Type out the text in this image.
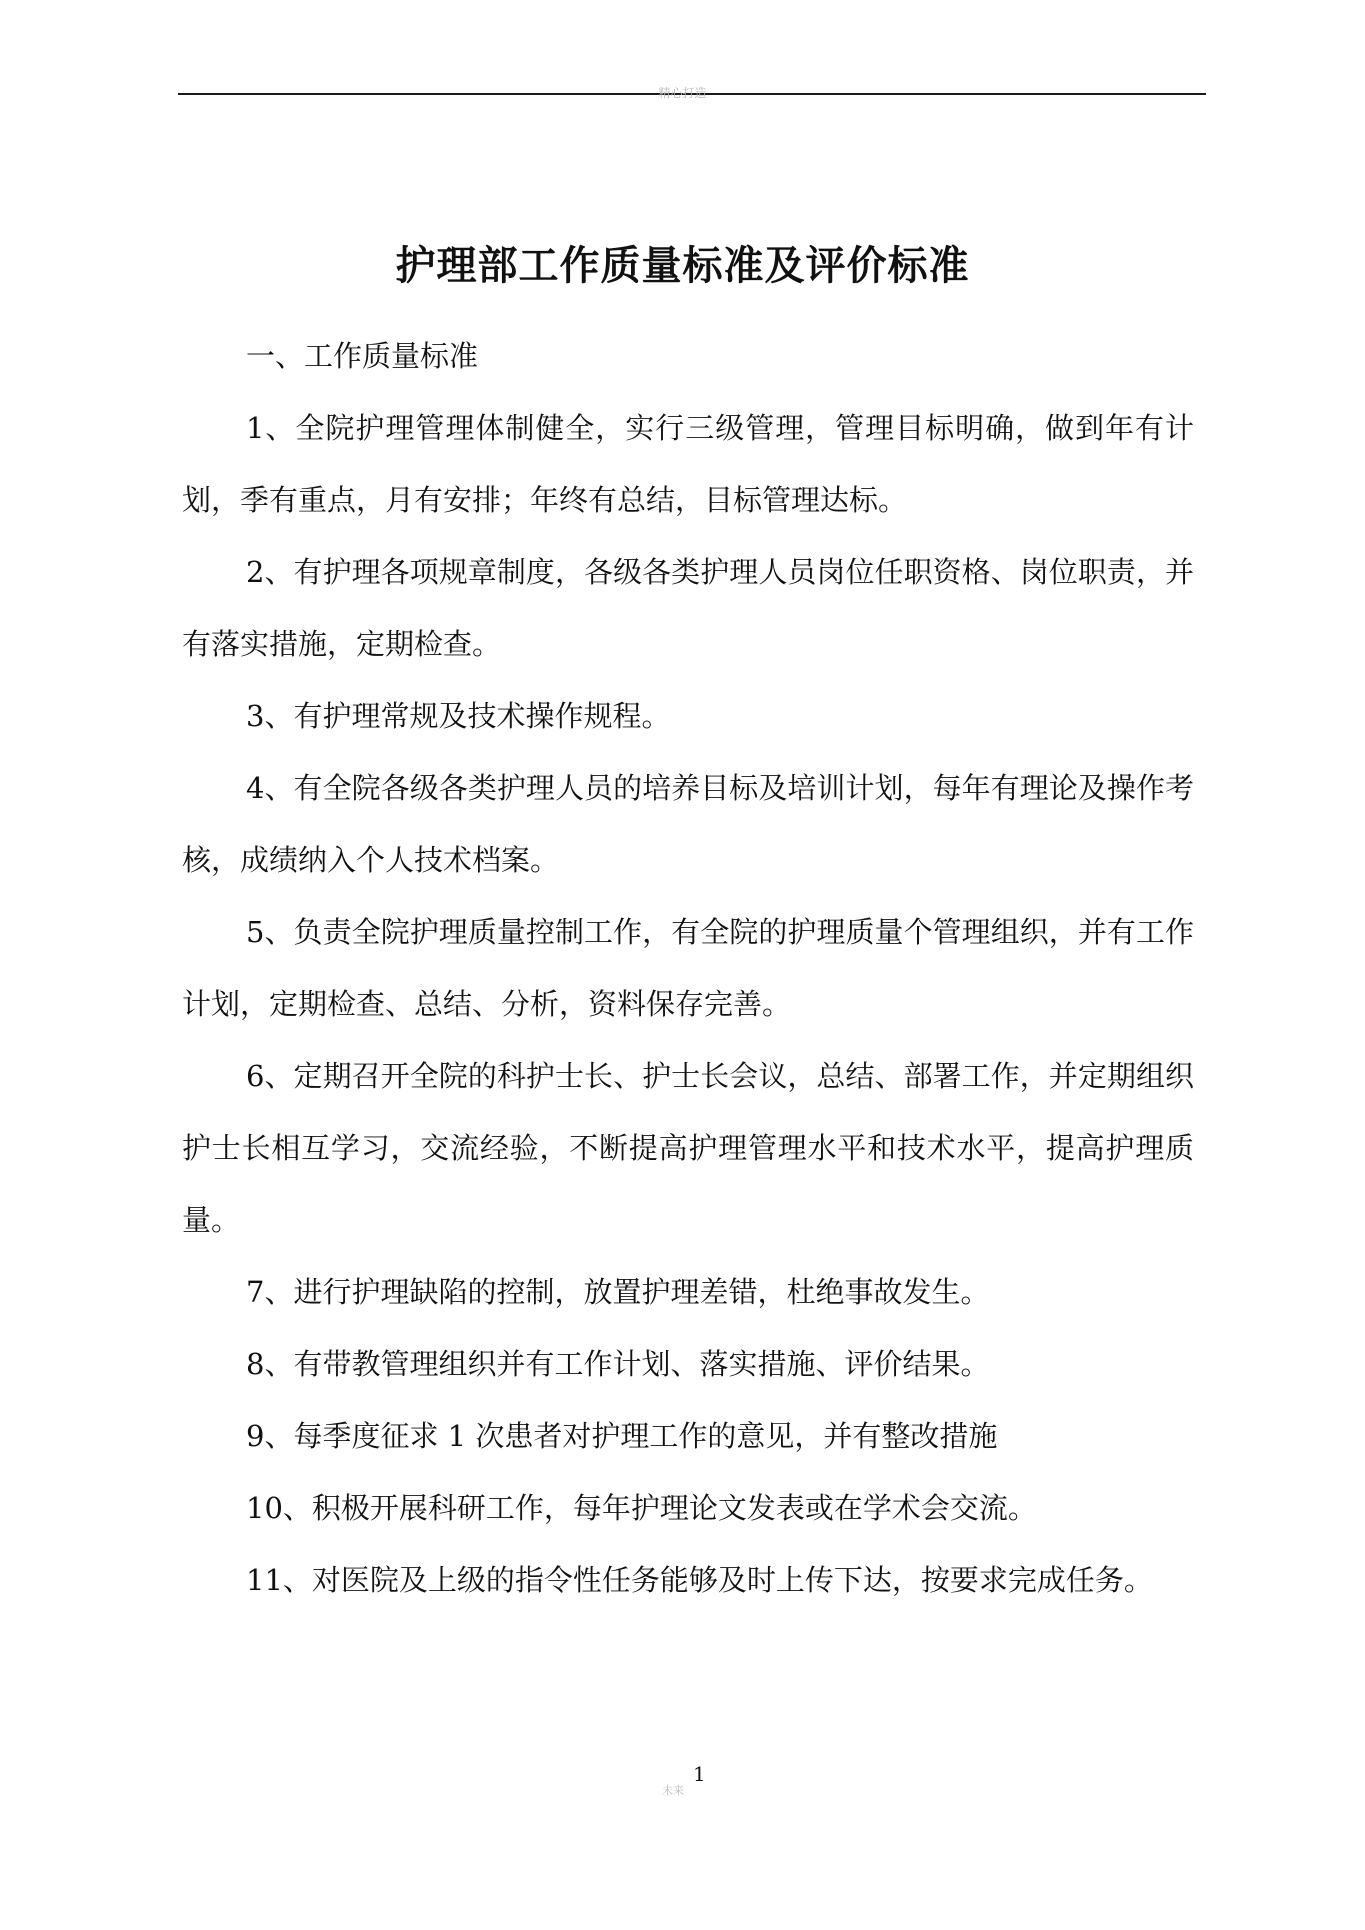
精心打造
护理部工作质量标准及评价标准
一、工作质量标准
1、全院护理管理体制健全，实行三级管理，管理目标明确，做到年有计划，季有重点，月有安排；年终有总结，目标管理达标。
2、有护理各项规章制度，各级各类护理人员岗位任职资格、岗位职责，并有落实措施，定期检查。
3、有护理常规及技术操作规程。
4、有全院各级各类护理人员的培养目标及培训计划，每年有理论及操作考核，成绩纳入个人技术档案。
5、负责全院护理质量控制工作，有全院的护理质量个管理组织，并有工作计划，定期检查、总结、分析，资料保存完善。
6、定期召开全院的科护士长、护士长会议，总结、部署工作，并定期组织护士长相互学习，交流经验，不断提高护理管理水平和技术水平，提高护理质量。
7、进行护理缺陷的控制，放置护理差错，杜绝事故发生。
8、有带教管理组织并有工作计划、落实措施、评价结果。
9、每季度征求 1 次患者对护理工作的意见，并有整改措施
10、积极开展科研工作，每年护理论文发表或在学术会交流。
11、对医院及上级的指令性任务能够及时上传下达，按要求完成任务。
未来
1
